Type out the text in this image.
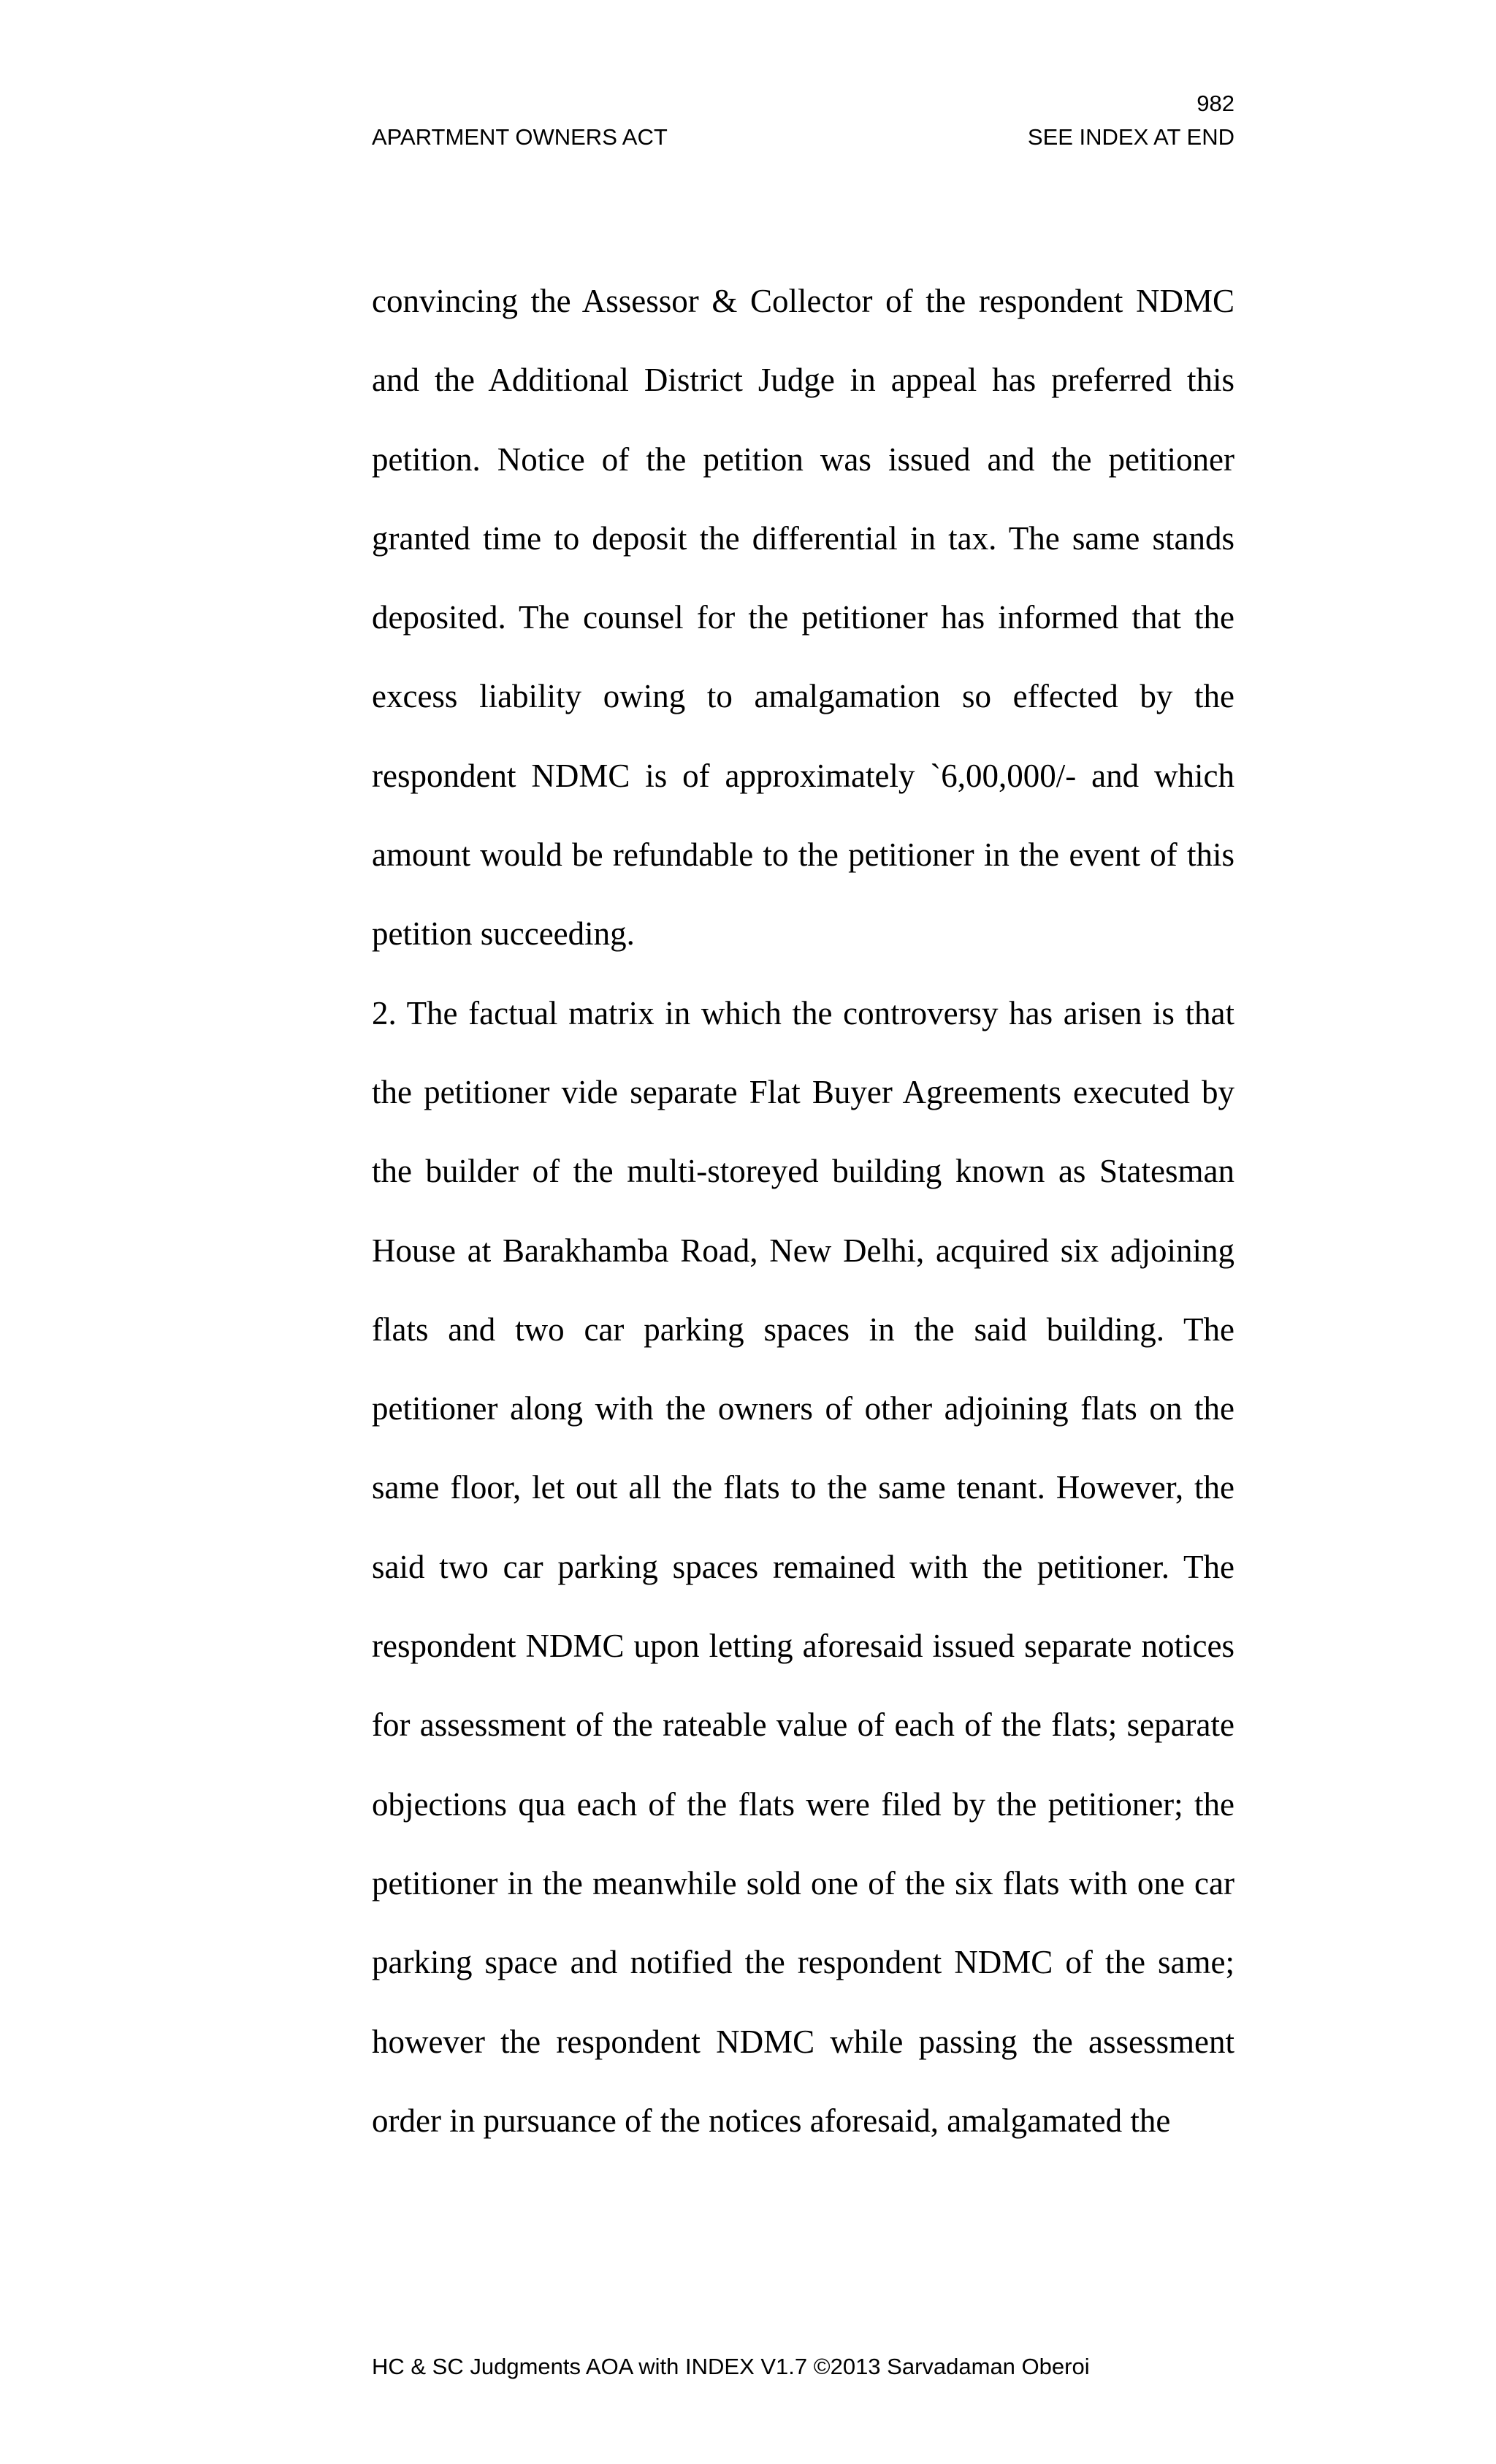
982
APARTMENT OWNERS ACT	SEE INDEX AT END

convincing the Assessor & Collector of the respondent NDMC and the Additional District Judge in appeal has preferred this petition. Notice of the petition was issued and the petitioner granted time to deposit the differential in tax. The same stands deposited. The counsel for the petitioner has informed that the excess liability owing to amalgamation so effected by the respondent NDMC is of approximately `6,00,000/- and which amount would be refundable to the petitioner in the event of this petition succeeding.

2. The factual matrix in which the controversy has arisen is that the petitioner vide separate Flat Buyer Agreements executed by the builder of the multi-storeyed building known as Statesman House at Barakhamba Road, New Delhi, acquired six adjoining flats and two car parking spaces in the said building. The petitioner along with the owners of other adjoining flats on the same floor, let out all the flats to the same tenant. However, the said two car parking spaces remained with the petitioner. The respondent NDMC upon letting aforesaid issued separate notices for assessment of the rateable value of each of the flats; separate objections qua each of the flats were filed by the petitioner; the petitioner in the meanwhile sold one of the six flats with one car parking space and notified the respondent NDMC of the same; however the respondent NDMC while passing the assessment order in pursuance of the notices aforesaid, amalgamated the

HC & SC Judgments AOA with INDEX V1.7 ©2013 Sarvadaman Oberoi
